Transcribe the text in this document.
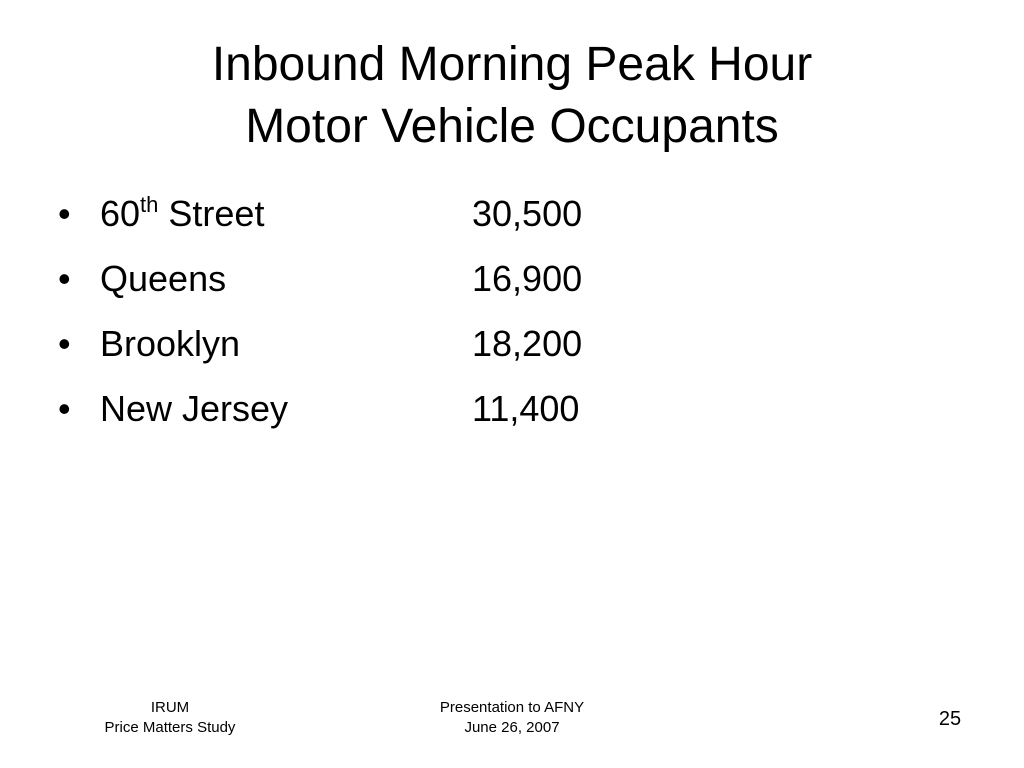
Inbound Morning Peak Hour
Motor Vehicle Occupants
• 60th Street	30,500
• Queens	16,900
• Brooklyn	18,200
• New Jersey	11,400
IRUM
Price Matters Study
Presentation to AFNY
June 26, 2007	25
